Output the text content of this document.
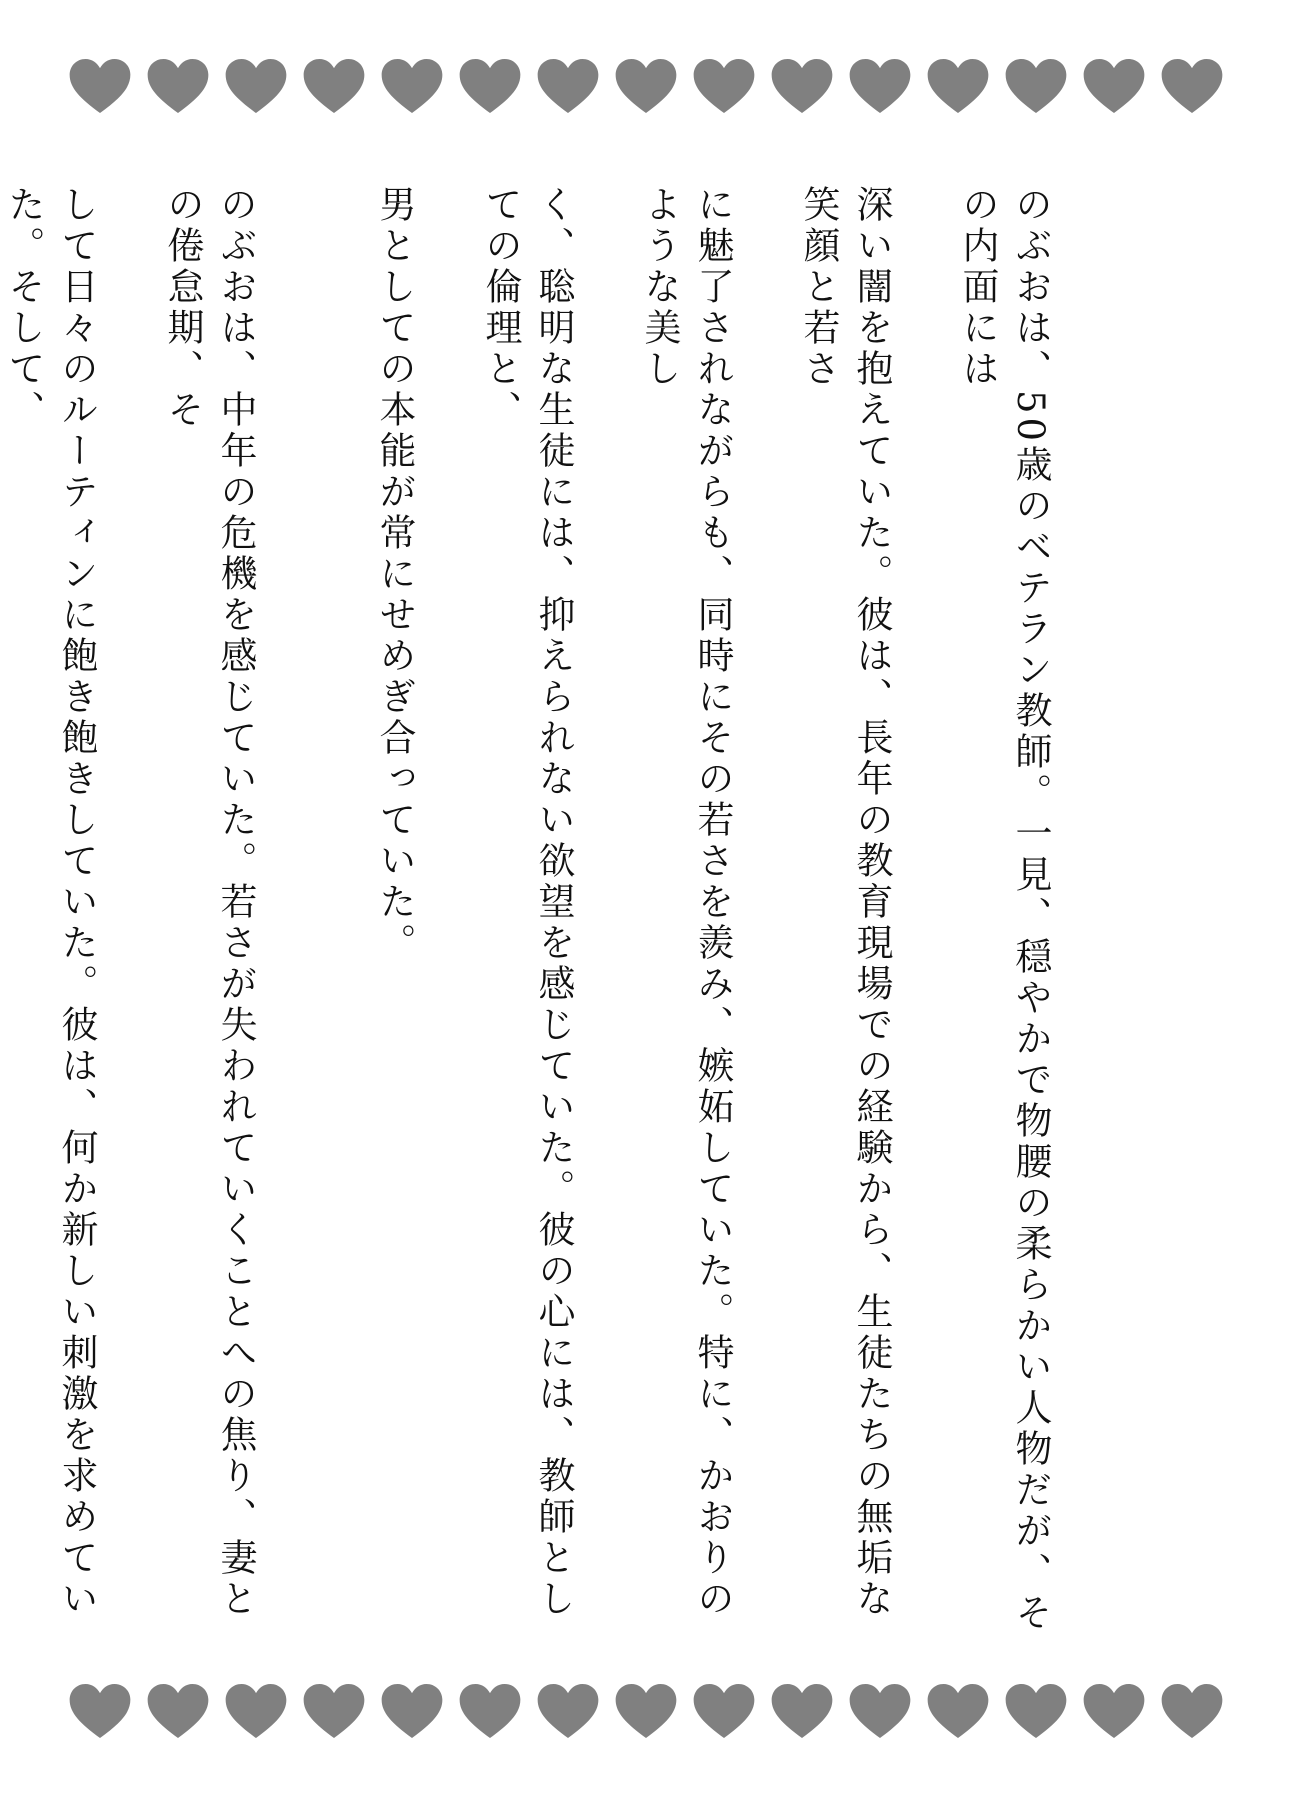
のぶおは、50歳のベテラン教師。一見、穏やかで物腰の柔らかい人物だが、その内面には

深い闇を抱えていた。彼は、長年の教育現場での経験から、生徒たちの無垢な笑顔と若さ

に魅了されながらも、同時にその若さを羨み、嫉妬していた。特に、かおりのような美し

く、聡明な生徒には、抑えられない欲望を感じていた。彼の心には、教師としての倫理と、

男としての本能が常にせめぎ合っていた。

のぶおは、中年の危機を感じていた。若さが失われていくことへの焦り、妻との倦怠期、そ

して日々のルーティンに飽き飽きしていた。彼は、何か新しい刺激を求めていた。そして、
